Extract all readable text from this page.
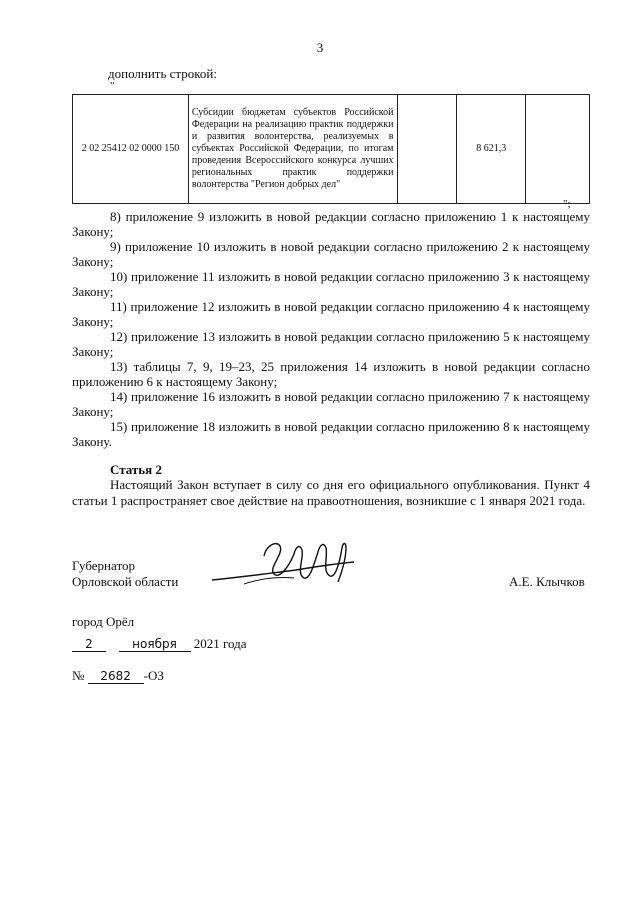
3
дополнить строкой:
"
2 02 25412 02 0000 150	Субсидии бюджетам субъектов Российской Федерации на реализацию практик поддержки и развития волонтерства, реализуемых в субъектах Российской Федерации, по итогам проведения Всероссийского конкурса лучших региональных практик поддержки волонтерства "Регион добрых дел"		8 621,3	
";

8) приложение 9 изложить в новой редакции согласно приложению 1 к настоящему Закону;

9) приложение 10 изложить в новой редакции согласно приложению 2 к настоящему Закону;

10) приложение 11 изложить в новой редакции согласно приложению 3 к настоящему Закону;

11) приложение 12 изложить в новой редакции согласно приложению 4 к настоящему Закону;

12) приложение 13 изложить в новой редакции согласно приложению 5 к настоящему Закону;

13) таблицы 7, 9, 19–23, 25 приложения 14 изложить в новой редакции согласно приложению 6 к настоящему Закону;

14) приложение 16 изложить в новой редакции согласно приложению 7 к настоящему Закону;

15) приложение 18 изложить в новой редакции согласно приложению 8 к настоящему Закону.

Статья 2

Настоящий Закон вступает в силу со дня его официального опубликования. Пункт 4 статьи 1 распространяет свое действие на правоотношения, возникшие с 1 января 2021 года.

Губернатор
Орловской области	А.Е. Клычков
город Орёл
2	ноября 2021 года
№ 2682 -ОЗ
